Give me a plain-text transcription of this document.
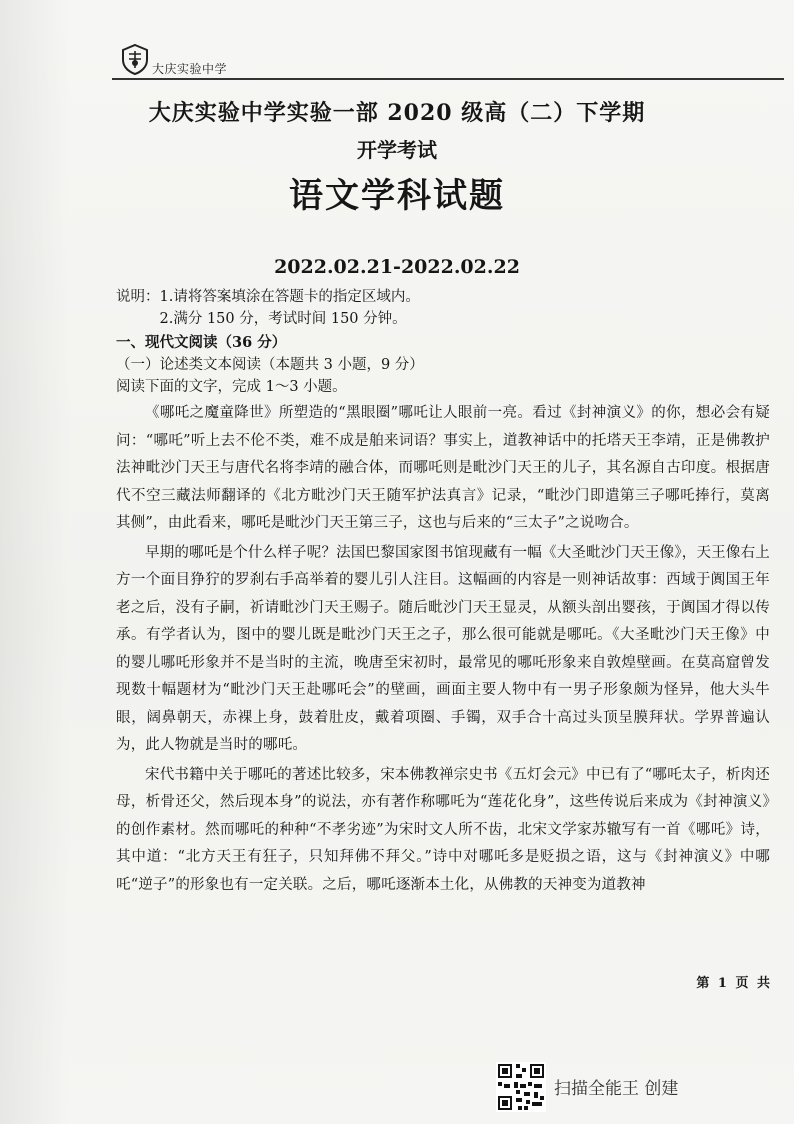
大庆实验中学
大庆实验中学实验一部 2020 级高（二）下学期
开学考试
语文学科试题
2022.02.21-2022.02.22
说明： 1.请将答案填涂在答题卡的指定区域内。
2.满分 150 分，考试时间 150 分钟。
一、现代文阅读（36 分）
（一）论述类文本阅读（本题共 3 小题，9 分）
阅读下面的文字，完成 1～3 小题。

《哪吒之魔童降世》所塑造的“黑眼圈”哪吒让人眼前一亮。看过《封神演义》的你，想必会有疑问：“哪吒”听上去不伦不类，难不成是舶来词语？事实上，道教神话中的托塔天王李靖，正是佛教护法神毗沙门天王与唐代名将李靖的融合体，而哪吒则是毗沙门天王的儿子，其名源自古印度。根据唐代不空三藏法师翻译的《北方毗沙门天王随军护法真言》记录，“毗沙门即遣第三子哪吒捧行，莫离其侧”，由此看来，哪吒是毗沙门天王第三子，这也与后来的“三太子”之说吻合。

早期的哪吒是个什么样子呢？法国巴黎国家图书馆现藏有一幅《大圣毗沙门天王像》，天王像右上方一个面目狰狞的罗刹右手高举着的婴儿引人注目。这幅画的内容是一则神话故事：西域于阗国王年老之后，没有子嗣，祈请毗沙门天王赐子。随后毗沙门天王显灵，从额头剖出婴孩，于阗国才得以传承。有学者认为，图中的婴儿既是毗沙门天王之子，那么很可能就是哪吒。《大圣毗沙门天王像》中的婴儿哪吒形象并不是当时的主流，晚唐至宋初时，最常见的哪吒形象来自敦煌壁画。在莫高窟曾发现数十幅题材为“毗沙门天王赴哪吒会”的壁画，画面主要人物中有一男子形象颇为怪异，他大头牛眼，阔鼻朝天，赤裸上身，鼓着肚皮，戴着项圈、手镯，双手合十高过头顶呈膜拜状。学界普遍认为，此人物就是当时的哪吒。

宋代书籍中关于哪吒的著述比较多，宋本佛教禅宗史书《五灯会元》中已有了“哪吒太子，析肉还母，析骨还父，然后现本身”的说法，亦有著作称哪吒为“莲花化身”，这些传说后来成为《封神演义》的创作素材。然而哪吒的种种“不孝劣迹”为宋时文人所不齿，北宋文学家苏辙写有一首《哪吒》诗，其中道：“北方天王有狂子，只知拜佛不拜父。”诗中对哪吒多是贬损之语，这与《封神演义》中哪吒“逆子”的形象也有一定关联。之后，哪吒逐渐本土化，从佛教的天神变为道教神

第 1 页 共
扫描全能王 创建
